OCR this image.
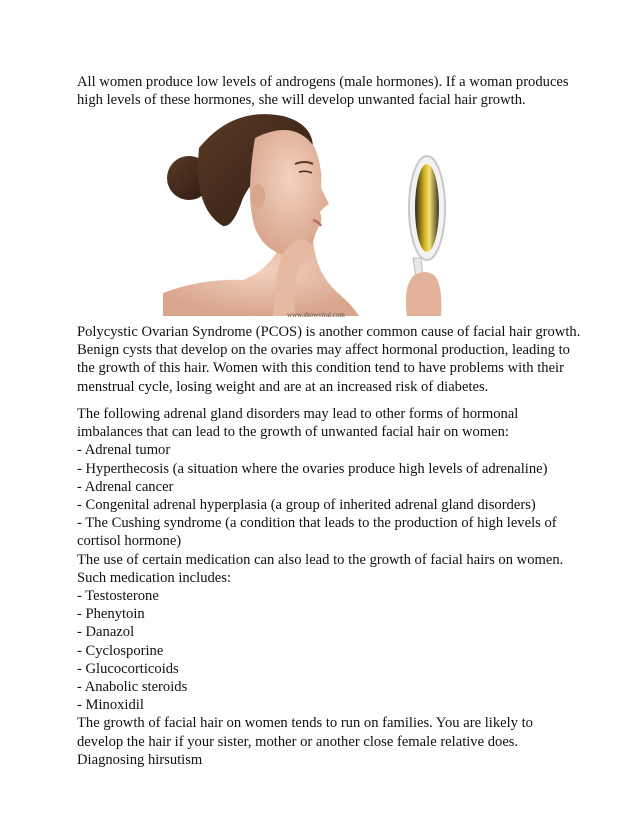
All women produce low levels of androgens (male hormones). If a woman produces
high levels of these hormones, she will develop unwanted facial hair growth.
www.showviral.com
Polycystic Ovarian Syndrome (PCOS) is another common cause of facial hair growth.
Benign cysts that develop on the ovaries may affect hormonal production, leading to
the growth of this hair. Women with this condition tend to have problems with their
menstrual cycle, losing weight and are at an increased risk of diabetes.
The following adrenal gland disorders may lead to other forms of hormonal
imbalances that can lead to the growth of unwanted facial hair on women:
- Adrenal tumor
- Hyperthecosis (a situation where the ovaries produce high levels of adrenaline)
- Adrenal cancer
- Congenital adrenal hyperplasia (a group of inherited adrenal gland disorders)
- The Cushing syndrome (a condition that leads to the production of high levels of
cortisol hormone)
The use of certain medication can also lead to the growth of facial hairs on women.
Such medication includes:
- Testosterone
- Phenytoin
- Danazol
- Cyclosporine
- Glucocorticoids
- Anabolic steroids
- Minoxidil
The growth of facial hair on women tends to run on families. You are likely to
develop the hair if your sister, mother or another close female relative does.
Diagnosing hirsutism
